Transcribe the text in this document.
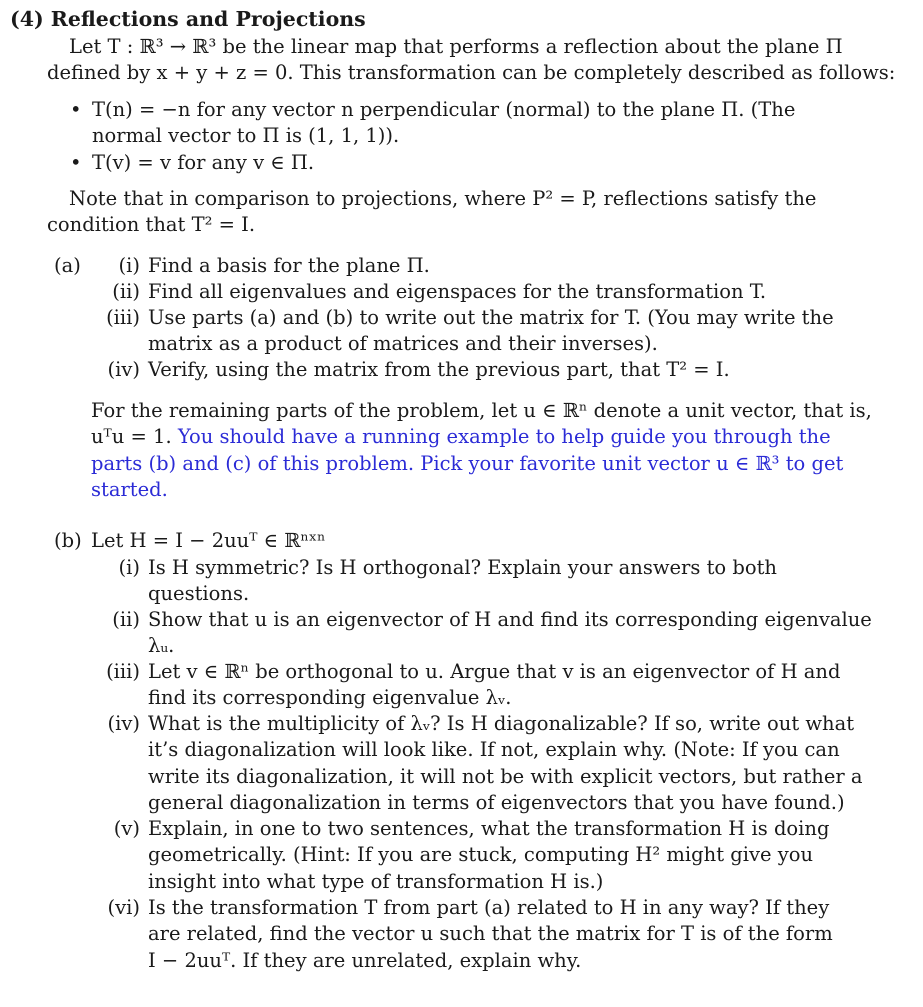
(4) Reflections and Projections
Let T : ℝ³ → ℝ³ be the linear map that performs a reflection about the plane Π
defined by x + y + z = 0. This transformation can be completely described as follows:
• T(n) = −n for any vector n perpendicular (normal) to the plane Π. (The
normal vector to Π is (1, 1, 1)).
• T(v) = v for any v ∈ Π.
Note that in comparison to projections, where P² = P, reflections satisfy the
condition that T² = I.
(a)	(i) Find a basis for the plane Π.
(ii) Find all eigenvalues and eigenspaces for the transformation T.
(iii) Use parts (a) and (b) to write out the matrix for T. (You may write the
matrix as a product of matrices and their inverses).
(iv) Verify, using the matrix from the previous part, that T² = I.
For the remaining parts of the problem, let u ∈ ℝⁿ denote a unit vector, that is,
uᵀu = 1. You should have a running example to help guide you through the
parts (b) and (c) of this problem. Pick your favorite unit vector u ∈ ℝ³ to get
started.
(b) Let H = I − 2uuᵀ ∈ ℝⁿˣⁿ
(i) Is H symmetric? Is H orthogonal? Explain your answers to both
questions.
(ii) Show that u is an eigenvector of H and find its corresponding eigenvalue
λᵤ.
(iii) Let v ∈ ℝⁿ be orthogonal to u. Argue that v is an eigenvector of H and
find its corresponding eigenvalue λᵥ.
(iv) What is the multiplicity of λᵥ? Is H diagonalizable? If so, write out what
it’s diagonalization will look like. If not, explain why. (Note: If you can
write its diagonalization, it will not be with explicit vectors, but rather a
general diagonalization in terms of eigenvectors that you have found.)
(v) Explain, in one to two sentences, what the transformation H is doing
geometrically. (Hint: If you are stuck, computing H² might give you
insight into what type of transformation H is.)
(vi) Is the transformation T from part (a) related to H in any way? If they
are related, find the vector u such that the matrix for T is of the form
I − 2uuᵀ. If they are unrelated, explain why.
